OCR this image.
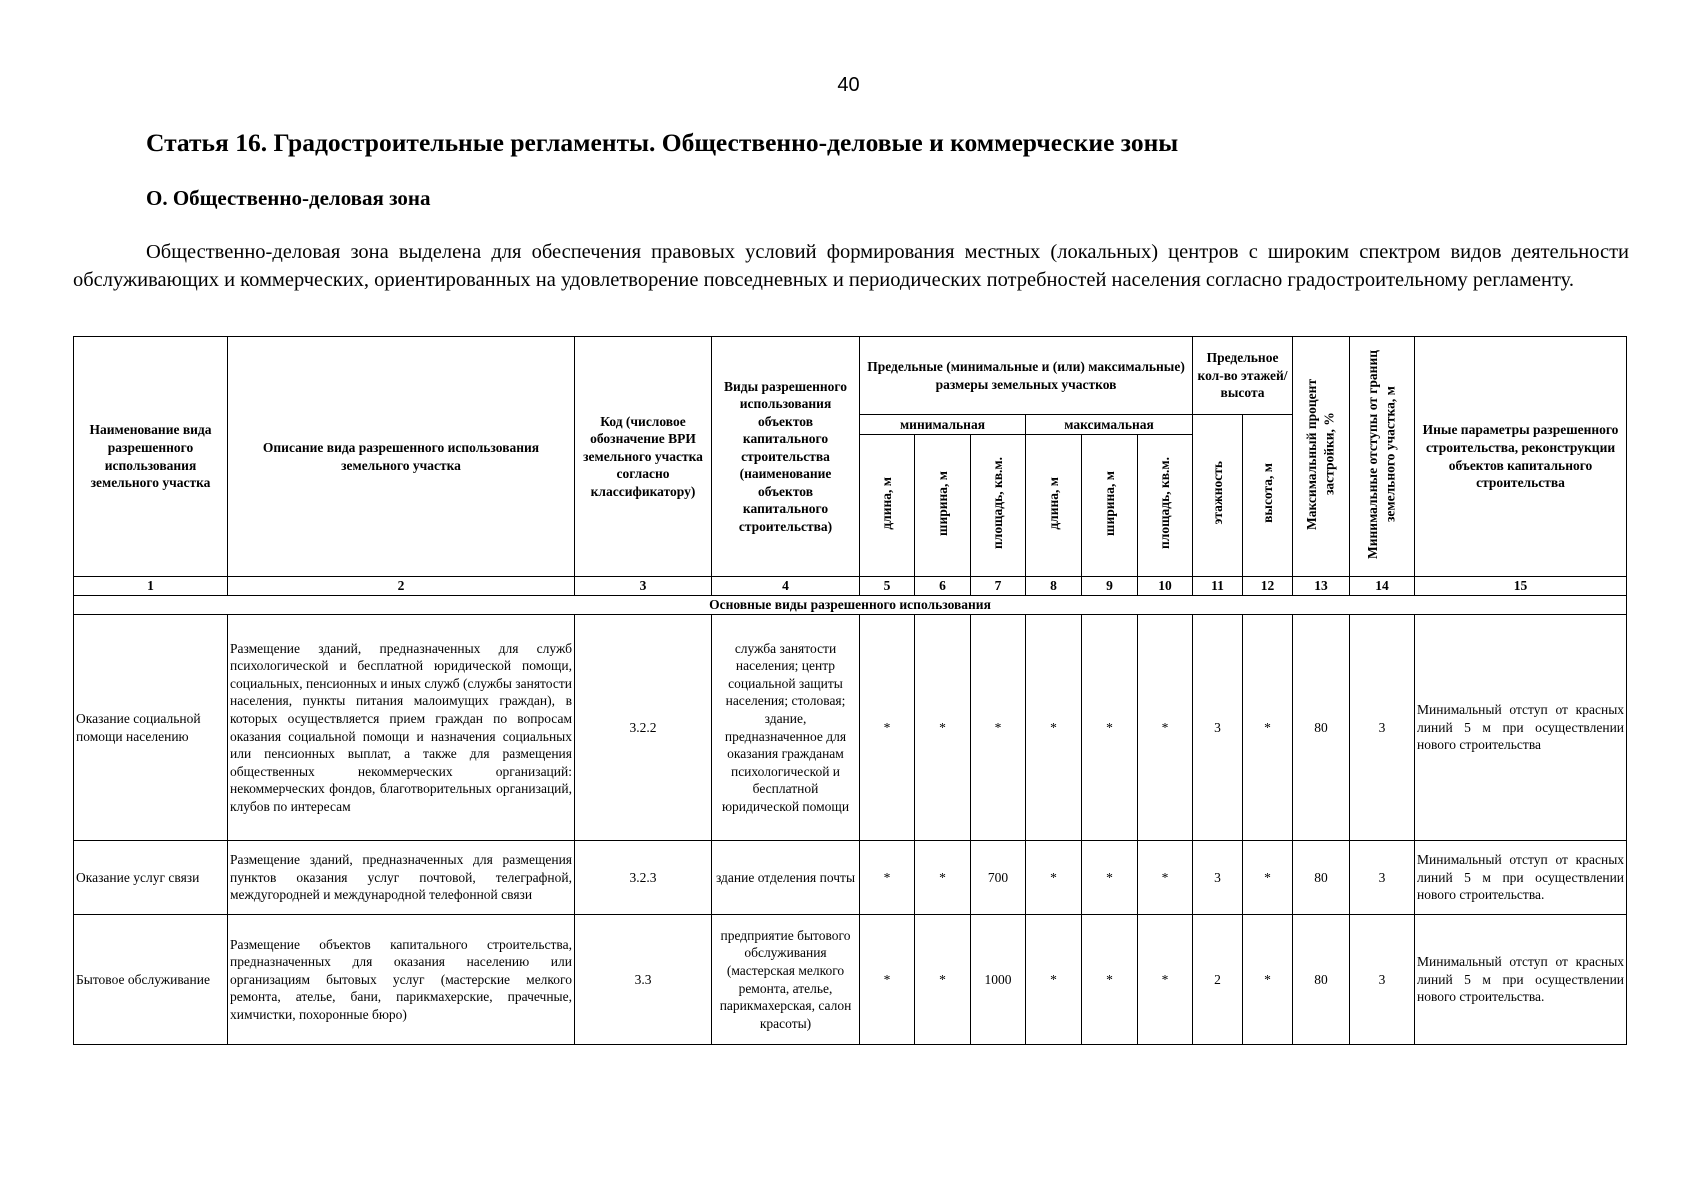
40
Статья 16. Градостроительные регламенты. Общественно-деловые и коммерческие зоны
О. Общественно-деловая зона

Общественно-деловая зона выделена для обеспечения правовых условий формирования местных (локальных) центров с широким спектром видов деятельности обслуживающих и коммерческих, ориентированных на удовлетворение повседневных и периодических потребностей населения согласно градостроительному регламенту.

Наименование вида разрешенного использования земельного участка	Описание вида разрешенного использования земельного участка	Код (числовое обозначение ВРИ земельного участка согласно классификатору)	Виды разрешенного использования объектов капитального строительства (наименование объектов капитального строительства)	Предельные (минимальные и (или) максимальные) размеры земельных участков						Предельное кол-во этажей/ высота		Максимальный процент застройки, %	Минимальные отступы от границ земельного участка, м	Иные параметры разрешенного строительства, реконструкции объектов капитального строительства
				минимальная			максимальная			этажность	высота, м			
				длина, м	ширина, м	площадь, кв.м.	длина, м	ширина, м	площадь, кв.м.					
1	2	3	4	5	6	7	8	9	10	11	12	13	14	15
Основные виды разрешенного использования														
Оказание социальной помощи населению	Размещение зданий, предназначенных для служб психологической и бесплатной юридической помощи, социальных, пенсионных и иных служб (службы занятости населения, пункты питания малоимущих граждан), в которых осуществляется прием граждан по вопросам оказания социальной помощи и назначения социальных или пенсионных выплат, а также для размещения общественных некоммерческих организаций: некоммерческих фондов, благотворительных организаций, клубов по интересам	3.2.2	служба занятости населения; центр социальной защиты населения; столовая; здание, предназначенное для оказания гражданам психологической и бесплатной юридической помощи	*	*	*	*	*	*	3	*	80	3	Минимальный отступ от красных линий 5 м при осуществлении нового строительства
Оказание услуг связи	Размещение зданий, предназначенных для размещения пунктов оказания услуг почтовой, телеграфной, междугородней и международной телефонной связи	3.2.3	здание отделения почты	*	*	700	*	*	*	3	*	80	3	Минимальный отступ от красных линий 5 м при осуществлении нового строительства.
Бытовое обслуживание	Размещение объектов капитального строительства, предназначенных для оказания населению или организациям бытовых услуг (мастерские мелкого ремонта, ателье, бани, парикмахерские, прачечные, химчистки, похоронные бюро)	3.3	предприятие бытового обслуживания (мастерская мелкого ремонта, ателье, парикмахерская, салон красоты)	*	*	1000	*	*	*	2	*	80	3	Минимальный отступ от красных линий 5 м при осуществлении нового строительства.
